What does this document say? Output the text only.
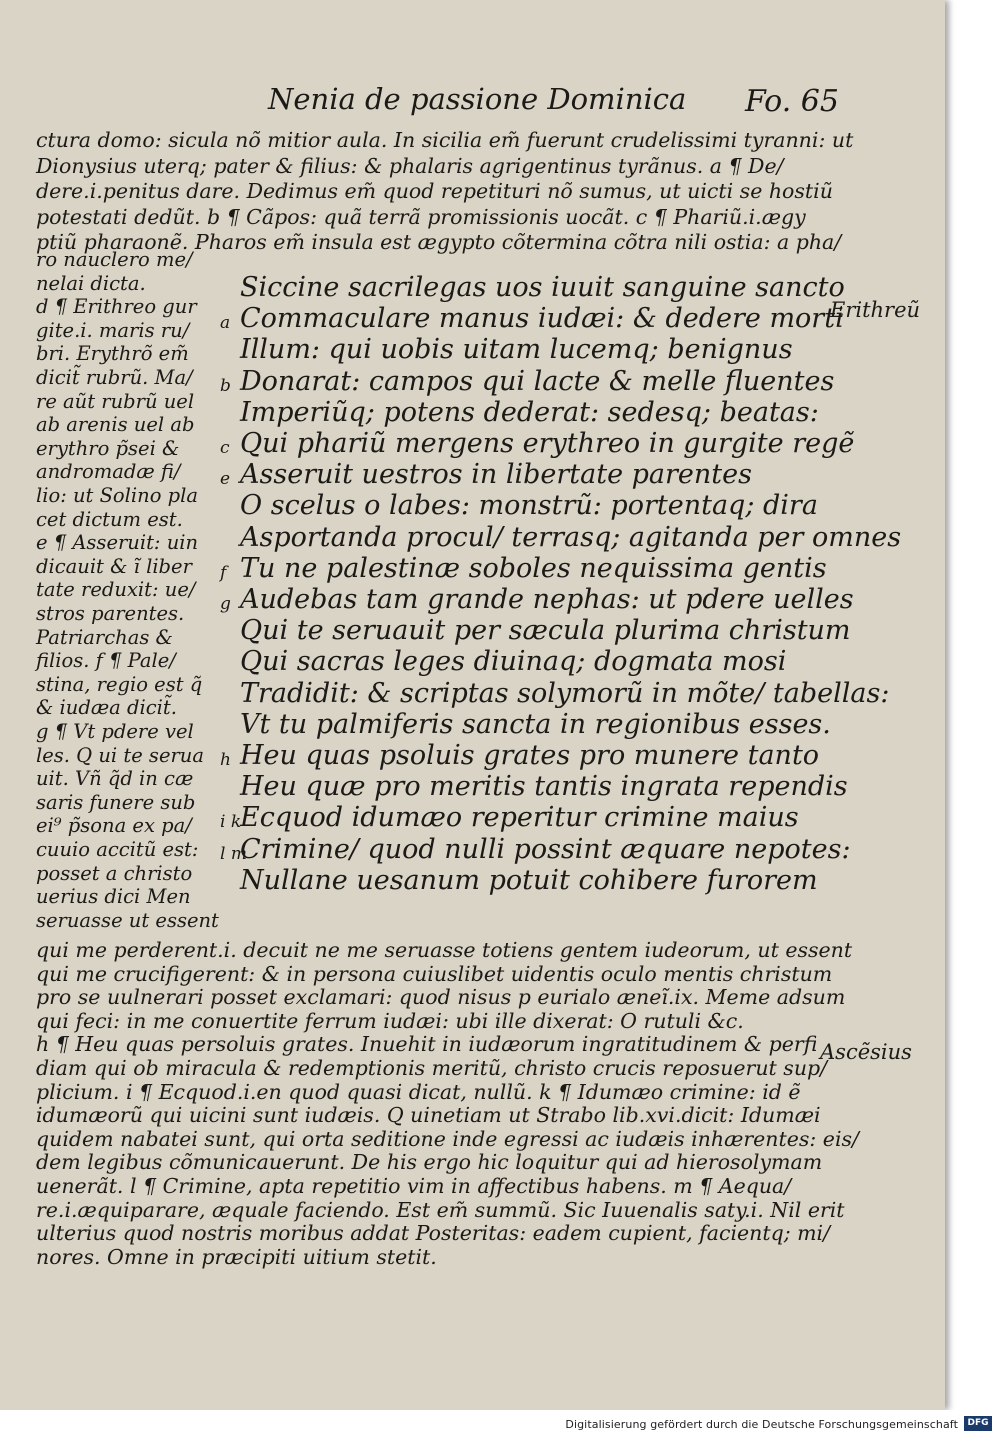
Nenia de passione Dominica Fo. 65
ctura domo: sicula nõ mitior aula. In sicilia em̃ fuerunt crudelissimi tyranni: ut
Dionysius uterq; pater & filius: & phalaris agrigentinus tyrãnus. a ¶ De/
dere.i.penitus dare. Dedimus em̃ quod repetituri nõ sumus, ut uicti se hostiũ
potestati dedũt. b ¶ Cãpos: quã terrã promissionis uocãt. c ¶ Phariũ.i.ægy
ptiũ pharaonẽ. Pharos em̃ insula est ægypto cõtermina cõtra nili ostia: a pha/
ro nauclero me/
nelai dicta.
d ¶ Erithreo gur
gite.i. maris ru/
bri. Erythrõ em̃
dicit̃ rubrũ. Ma/
re aũt rubrũ uel
ab arenis uel ab
erythro p̃sei &
andromadæ fi/
lio: ut Solino pla
cet dictum est.
e ¶ Asseruit: uin
dicauit & ĩ liber
tate reduxit: ue/
stros parentes.
Patriarchas &
filios. f ¶ Pale/
stina, regio est q̃
& iudæa dicit̃.
g ¶ Vt pdere vel
les. Q ui te serua
uit. Vñ q̃d in cæ
saris funere sub
ei⁹ p̃sona ex pa/
cuuio accitũ est:
posset a christo
uerius dici Men
seruasse ut essent
Siccine sacrilegas uos iuuit sanguine sancto
Commaculare manus iudæi: & dedere morti
a
Illum: qui uobis uitam lucemq; benignus
Donarat: campos qui lacte & melle fluentes
b
Imperiũq; potens dederat: sedesq; beatas:
Qui phariũ mergens erythreo in gurgite regẽ
c
Asseruit uestros in libertate parentes
e
O scelus o labes: monstrũ: portentaq; dira
Asportanda procul/ terrasq; agitanda per omnes
Tu ne palestinæ soboles nequissima gentis
f
Audebas tam grande nephas: ut pdere uelles
g
Qui te seruauit per sæcula plurima christum
Qui sacras leges diuinaq; dogmata mosi
Tradidit: & scriptas solymorũ in mõte/ tabellas:
Vt tu palmiferis sancta in regionibus esses.
Heu quas psoluis grates pro munere tanto
h
Heu quæ pro meritis tantis ingrata rependis
Ecquod idumæo reperitur crimine maius
i k
Crimine/ quod nulli possint æquare nepotes:
l m
Nullane uesanum potuit cohibere furorem
qui me perderent.i. decuit ne me seruasse totiens gentem iudeorum, ut essent
qui me crucifigerent: & in persona cuiuslibet uidentis oculo mentis christum
pro se uulnerari posset exclamari: quod nisus p eurialo æneĩ.ix. Meme adsum
qui feci: in me conuertite ferrum iudæi: ubi ille dixerat: O rutuli &c.
h ¶ Heu quas persoluis grates. Inuehit in iudæorum ingratitudinem & perfi
diam qui ob miracula & redemptionis meritũ, christo crucis reposuerut sup/
plicium. i ¶ Ecquod.i.en quod quasi dicat, nullũ. k ¶ Idumæo crimine: id ẽ
idumæorũ qui uicini sunt iudæis. Q uinetiam ut Strabo lib.xvi.dicit: Idumæi
quidem nabatei sunt, qui orta seditione inde egressi ac iudæis inhærentes: eis/
dem legibus cõmunicauerunt. De his ergo hic loquitur qui ad hierosolymam
uenerãt. l ¶ Crimine, apta repetitio vim in affectibus habens. m ¶ Aequa/
re.i.æquiparare, æquale faciendo. Est em̃ summũ. Sic Iuuenalis saty.i. Nil erit
ulterius quod nostris moribus addat Posteritas: eadem cupient, facientq; mi/
nores. Omne in præcipiti uitium stetit.
Erithreũ
Ascẽsius
Digitalisierung gefördert durch die Deutsche Forschungsgemeinschaft	DFG
